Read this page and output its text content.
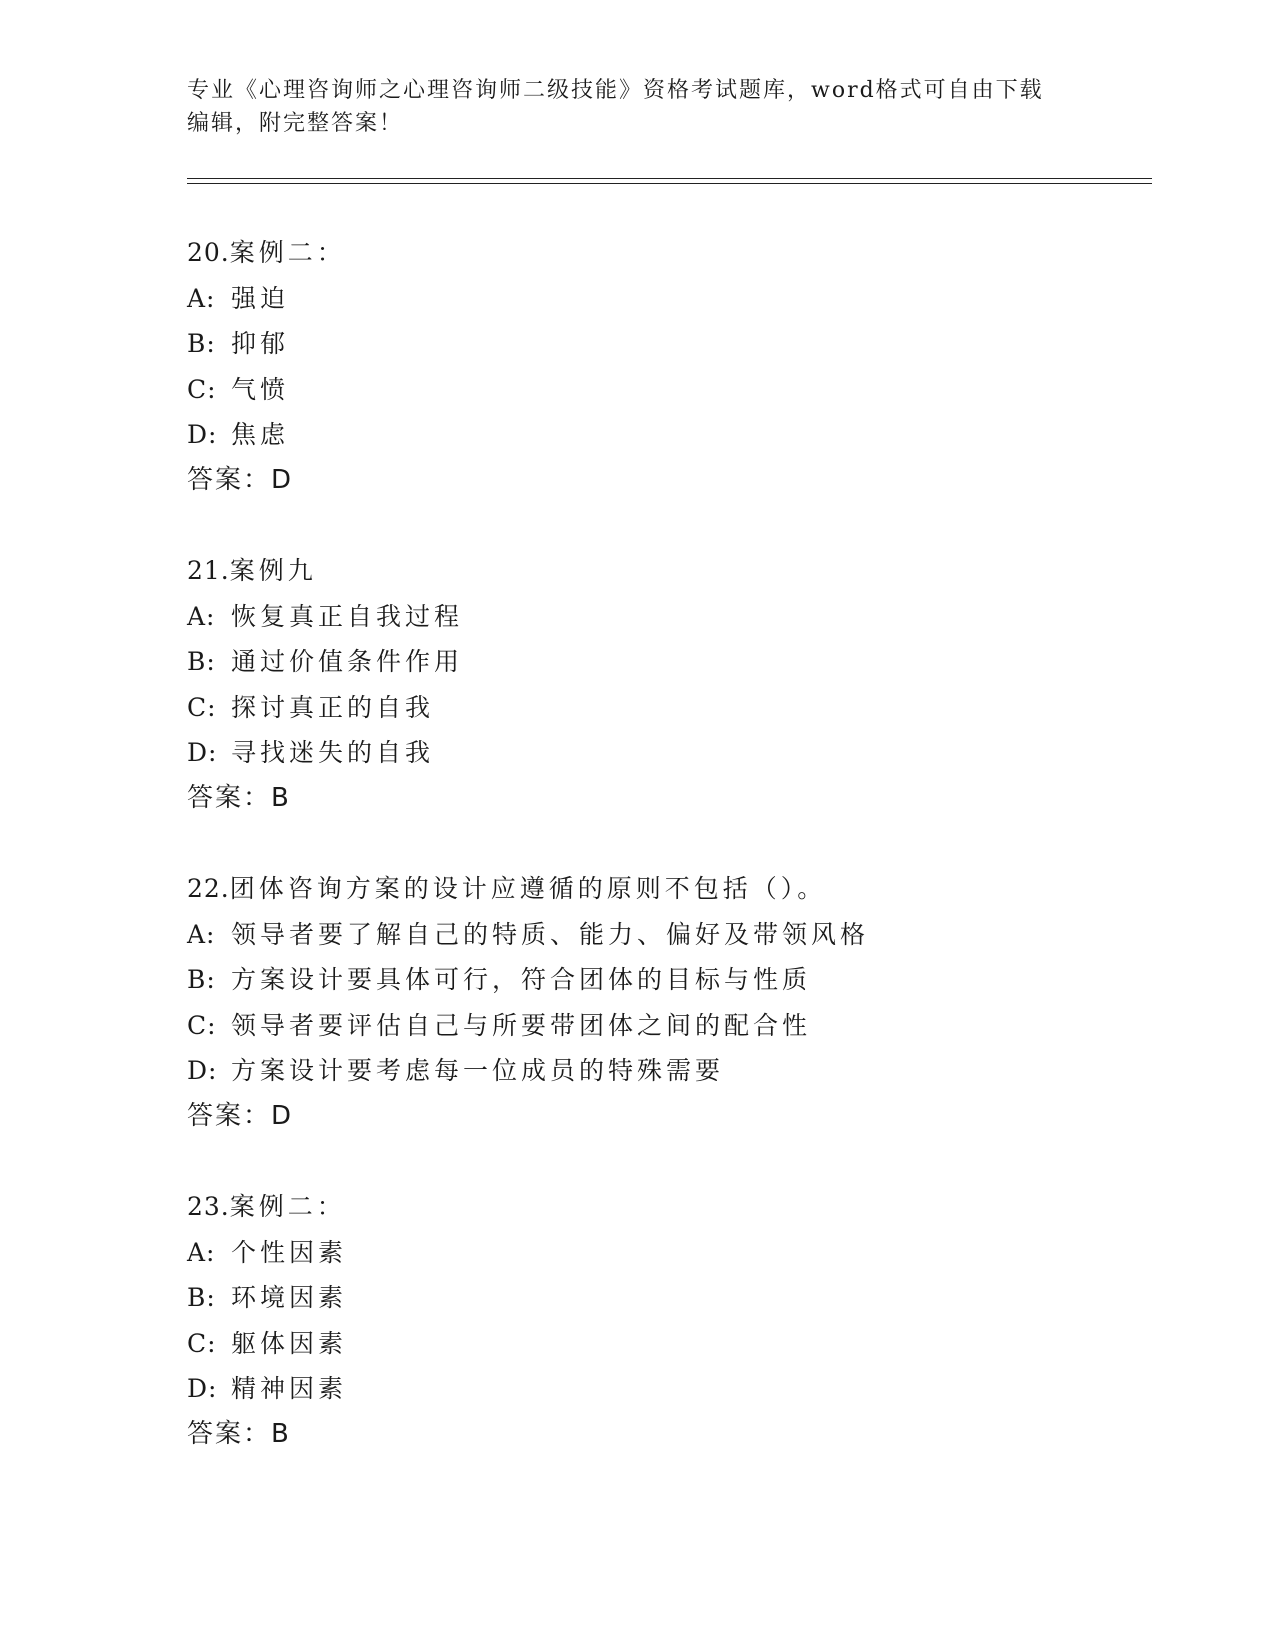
专业《心理咨询师之心理咨询师二级技能》资格考试题库，word格式可自由下载
编辑，附完整答案！
20.案例二：
A: 强迫
B: 抑郁
C: 气愤
D: 焦虑
答案：D
21.案例九
A: 恢复真正自我过程
B: 通过价值条件作用
C: 探讨真正的自我
D: 寻找迷失的自我
答案：B
22.团体咨询方案的设计应遵循的原则不包括（）。
A: 领导者要了解自己的特质、能力、偏好及带领风格
B: 方案设计要具体可行，符合团体的目标与性质
C: 领导者要评估自己与所要带团体之间的配合性
D: 方案设计要考虑每一位成员的特殊需要
答案：D
23.案例二：
A: 个性因素
B: 环境因素
C: 躯体因素
D: 精神因素
答案：B
